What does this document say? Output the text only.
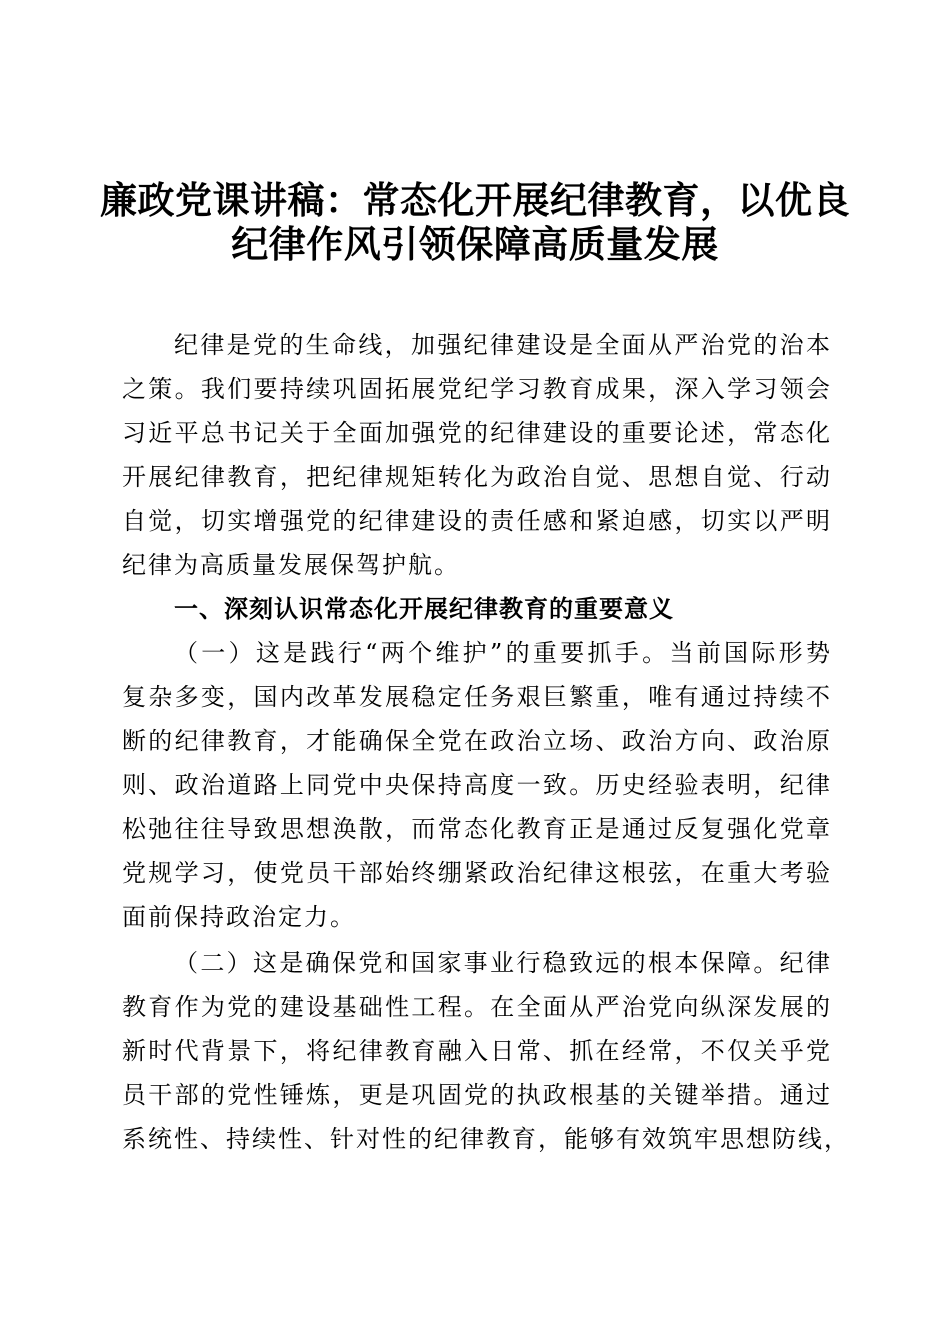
廉政党课讲稿：常态化开展纪律教育，以优良
纪律作风引领保障高质量发展
纪律是党的生命线，加强纪律建设是全面从严治党的治本
之策。我们要持续巩固拓展党纪学习教育成果，深入学习领会
习近平总书记关于全面加强党的纪律建设的重要论述，常态化
开展纪律教育，把纪律规矩转化为政治自觉、思想自觉、行动
自觉，切实增强党的纪律建设的责任感和紧迫感，切实以严明
纪律为高质量发展保驾护航。
一、深刻认识常态化开展纪律教育的重要意义
（一）这是践行“两个维护”的重要抓手。当前国际形势
复杂多变，国内改革发展稳定任务艰巨繁重，唯有通过持续不
断的纪律教育，才能确保全党在政治立场、政治方向、政治原
则、政治道路上同党中央保持高度一致。历史经验表明，纪律
松弛往往导致思想涣散，而常态化教育正是通过反复强化党章
党规学习，使党员干部始终绷紧政治纪律这根弦，在重大考验
面前保持政治定力。
（二）这是确保党和国家事业行稳致远的根本保障。纪律
教育作为党的建设基础性工程。在全面从严治党向纵深发展的
新时代背景下，将纪律教育融入日常、抓在经常，不仅关乎党
员干部的党性锤炼，更是巩固党的执政根基的关键举措。通过
系统性、持续性、针对性的纪律教育，能够有效筑牢思想防线，
